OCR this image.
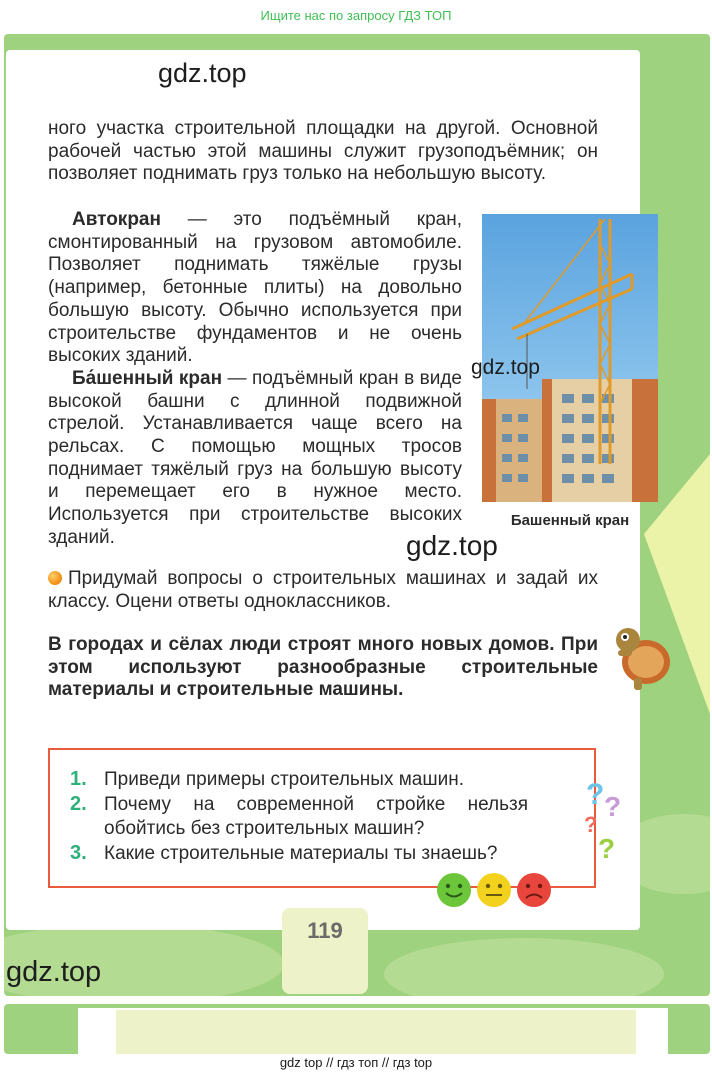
Ищите нас по запросу ГДЗ ТОП
119
gdz.top

ного участка строительной площадки на другой. Основной рабочей частью этой машины служит грузоподъёмник; он позволяет поднимать груз только на небольшую высоту.

Автокран — это подъёмный кран, смонтированный на грузовом автомобиле. Позволяет поднимать тяжёлые грузы (например, бетонные плиты) на довольно большую высоту. Обычно используется при строительстве фундаментов и не очень высоких зданий.

Ба́шенный кран — подъёмный кран в виде высокой башни с длинной подвижной стрелой. Устанавливается чаще всего на рельсах. С помощью мощных тросов поднимает тяжёлый груз на большую высоту и перемещает его в нужное место. Используется при строительстве высоких зданий.

gdz.top
Башенный кран
gdz.top

Придумай вопросы о строительных машинах и задай их классу. Оцени ответы одноклассников.

В городах и сёлах люди строят много новых домов. При этом используют разнообразные строительные материалы и строительные машины.
1. Приведи примеры строительных машин.
2. Почему на современной стройке нельзя обойтись без строительных машин?
3. Какие строительные материалы ты знаешь?
? ?
?
?
gdz.top
gdz top // гдз топ // гдз top
